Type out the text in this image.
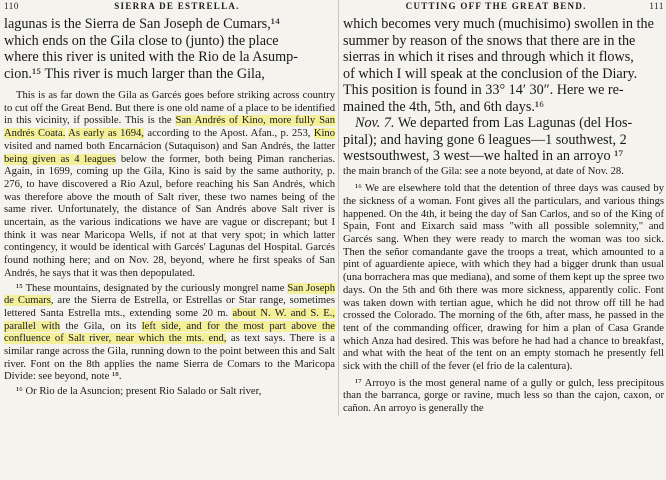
110	SIERRA DE ESTRELLA.

lagunas is the Sierra de San Joseph de Cumars,¹⁴

which ends on the Gila close to (junto) the place

where this river is united with the Rio de la Asump-

cion.¹⁵ This river is much larger than the Gila,

This is as far down the Gila as Garcés goes before striking across country to cut off the Great Bend. But there is one old name of a place to be identified in this vicinity, if possible. This is the San Andrés of Kino, more fully San Andrés Coata. As early as 1694, according to the Apost. Afan., p. 253, Kino visited and named both Encarnácion (Sutaquison) and San Andrés, the latter being given as 4 leagues below the former, both being Piman rancherias. Again, in 1699, coming up the Gila, Kino is said by the same authority, p. 276, to have discovered a Rio Azul, before reaching his San Andrés, which was therefore above the mouth of Salt river, these two names being of the same river. Unfortunately, the distance of San Andrés above Salt river is uncertain, as the various indications we have are vague or discrepant; but I think it was near Maricopa Wells, if not at that very spot; in which latter contingency, it would be identical with Garcés' Lagunas del Hospital. Garcés found nothing here; and on Nov. 28, beyond, where he first speaks of San Andrés, he says that it was then depopulated.

¹⁵ These mountains, designated by the curiously mongrel name San Joseph de Cumars, are the Sierra de Estrella, or Estrellas or Star range, sometimes lettered Santa Estrella mts., extending some 20 m. about N. W. and S. E., parallel with the Gila, on its left side, and for the most part above the confluence of Salt river, near which the mts. end, as text says. There is a similar range across the Gila, running down to the point between this and Salt river. Font on the 8th applies the name Sierra de Comars to the Maricopa Divide: see beyond, note ¹⁸.

¹⁶ Or Rio de la Asuncion; present Rio Salado or Salt river,

CUTTING OFF THE GREAT BEND.	111

which becomes very much (muchisimo) swollen in the

summer by reason of the snows that there are in the

sierras in which it rises and through which it flows,

of which I will speak at the conclusion of the Diary.

This position is found in 33° 14′ 30″. Here we re-

mained the 4th, 5th, and 6th days.¹⁶

Nov. 7. We departed from Las Lagunas (del Hos-

pital); and having gone 6 leagues—1 southwest, 2

westsouthwest, 3 west—we halted in an arroyo ¹⁷

the main branch of the Gila: see a note beyond, at date of Nov. 28.

¹⁶ We are elsewhere told that the detention of three days was caused by the sickness of a woman. Font gives all the particulars, and various things happened. On the 4th, it being the day of San Carlos, and so of the King of Spain, Font and Eixarch said mass "with all possible solemnity," and Garcés sang. When they were ready to march the woman was too sick. Then the señor comandante gave the troops a treat, which amounted to a pint of aguardiente apiece, with which they had a bigger drunk than usual (una borrachera mas que mediana), and some of them kept up the spree two days. On the 5th and 6th there was more sickness, apparently colic. Font was taken down with tertian ague, which he did not throw off till he had crossed the Colorado. The morning of the 6th, after mass, he passed in the tent of the commanding officer, drawing for him a plan of Casa Grande which Anza had desired. This was before he had had a chance to breakfast, and what with the heat of the tent on an empty stomach he presently fell sick with the chill of the fever (el frio de la calentura).

¹⁷ Arroyo is the most general name of a gully or gulch, less precipitous than the barranca, gorge or ravine, much less so than the cajon, caxon, or cañon. An arroyo is generally the
